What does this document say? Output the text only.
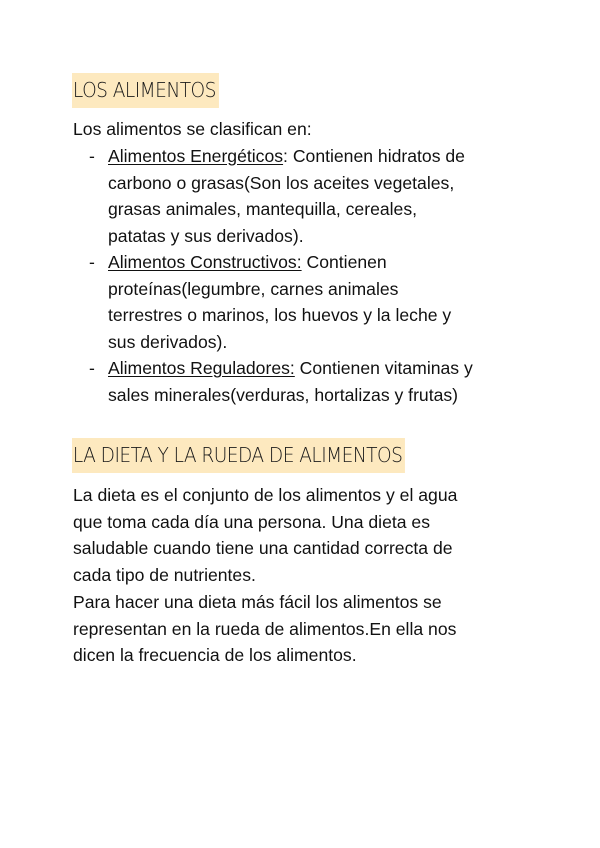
LOS ALIMENTOS
Los alimentos se clasifican en:
- Alimentos Energéticos: Contienen hidratos de
carbono o grasas(Son los aceites vegetales,
grasas animales, mantequilla, cereales,
patatas y sus derivados).
- Alimentos Constructivos: Contienen
proteínas(legumbre, carnes animales
terrestres o marinos, los huevos y la leche y
sus derivados).
- Alimentos Reguladores: Contienen vitaminas y
sales minerales(verduras, hortalizas y frutas)
LA DIETA Y LA RUEDA DE ALIMENTOS
La dieta es el conjunto de los alimentos y el agua
que toma cada día una persona. Una dieta es
saludable cuando tiene una cantidad correcta de
cada tipo de nutrientes.
Para hacer una dieta más fácil los alimentos se
representan en la rueda de alimentos.En ella nos
dicen la frecuencia de los alimentos.
